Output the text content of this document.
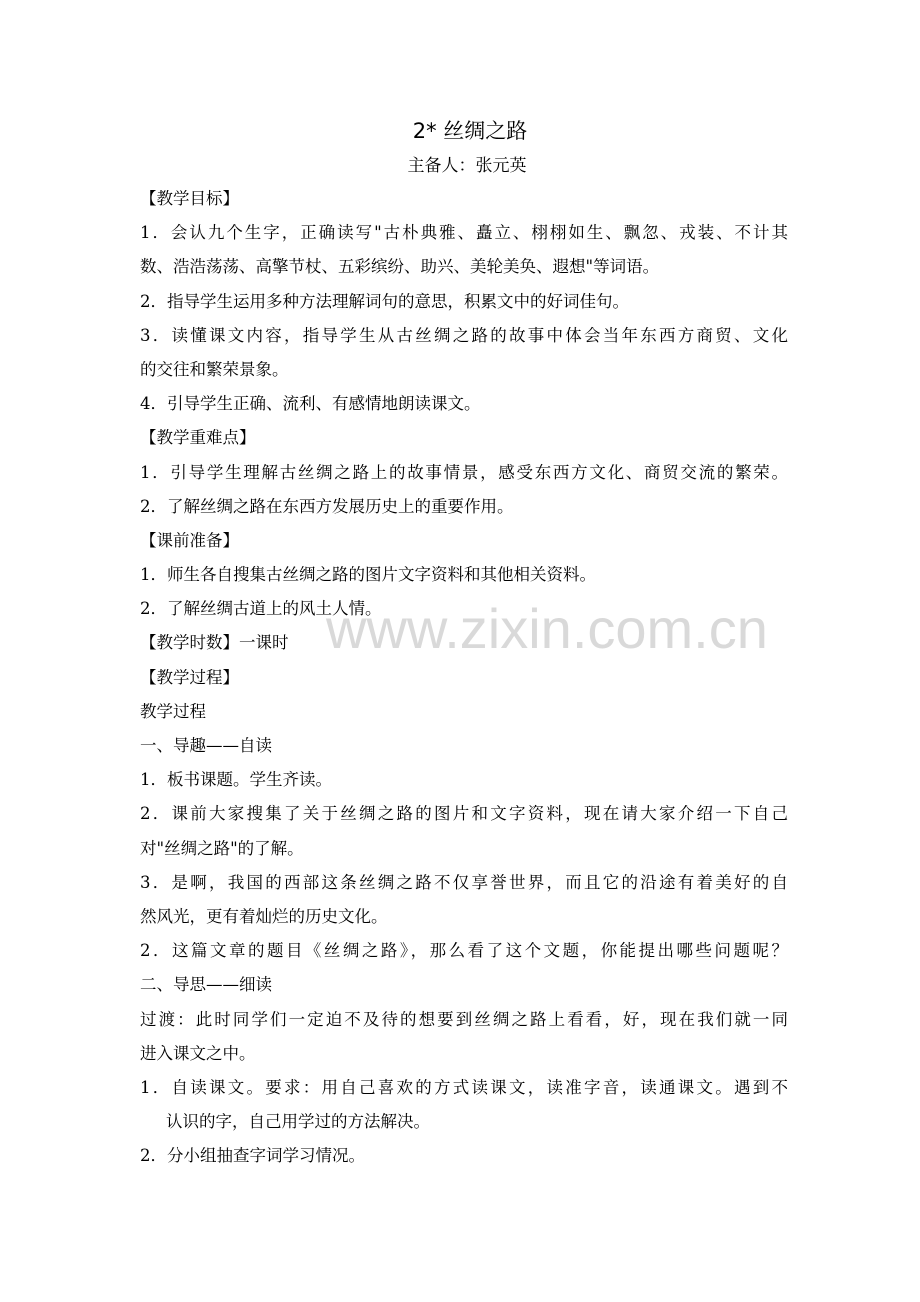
www.zixin.com.cn
2* 丝绸之路
主备人：张元英
【教学目标】
1．会认九个生字，正确读写"古朴典雅、矗立、栩栩如生、飘忽、戎装、不计其
数、浩浩荡荡、高擎节杖、五彩缤纷、助兴、美轮美奂、遐想"等词语。
2．指导学生运用多种方法理解词句的意思，积累文中的好词佳句。
3．读懂课文内容，指导学生从古丝绸之路的故事中体会当年东西方商贸、文化
的交往和繁荣景象。
4．引导学生正确、流利、有感情地朗读课文。
【教学重难点】
1．引导学生理解古丝绸之路上的故事情景，感受东西方文化、商贸交流的繁荣。
2．了解丝绸之路在东西方发展历史上的重要作用。
【课前准备】
1．师生各自搜集古丝绸之路的图片文字资料和其他相关资料。
2．了解丝绸古道上的风土人情。
【教学时数】一课时
【教学过程】
教学过程
一、导趣——自读
1．板书课题。学生齐读。
2．课前大家搜集了关于丝绸之路的图片和文字资料，现在请大家介绍一下自己
对"丝绸之路"的了解。
3．是啊，我国的西部这条丝绸之路不仅享誉世界，而且它的沿途有着美好的自
然风光，更有着灿烂的历史文化。
2．这篇文章的题目《丝绸之路》，那么看了这个文题，你能提出哪些问题呢？
二、导思——细读
过渡：此时同学们一定迫不及待的想要到丝绸之路上看看，好，现在我们就一同
进入课文之中。
1．自读课文。要求：用自己喜欢的方式读课文，读准字音，读通课文。遇到不
认识的字，自己用学过的方法解决。
2．分小组抽查字词学习情况。
